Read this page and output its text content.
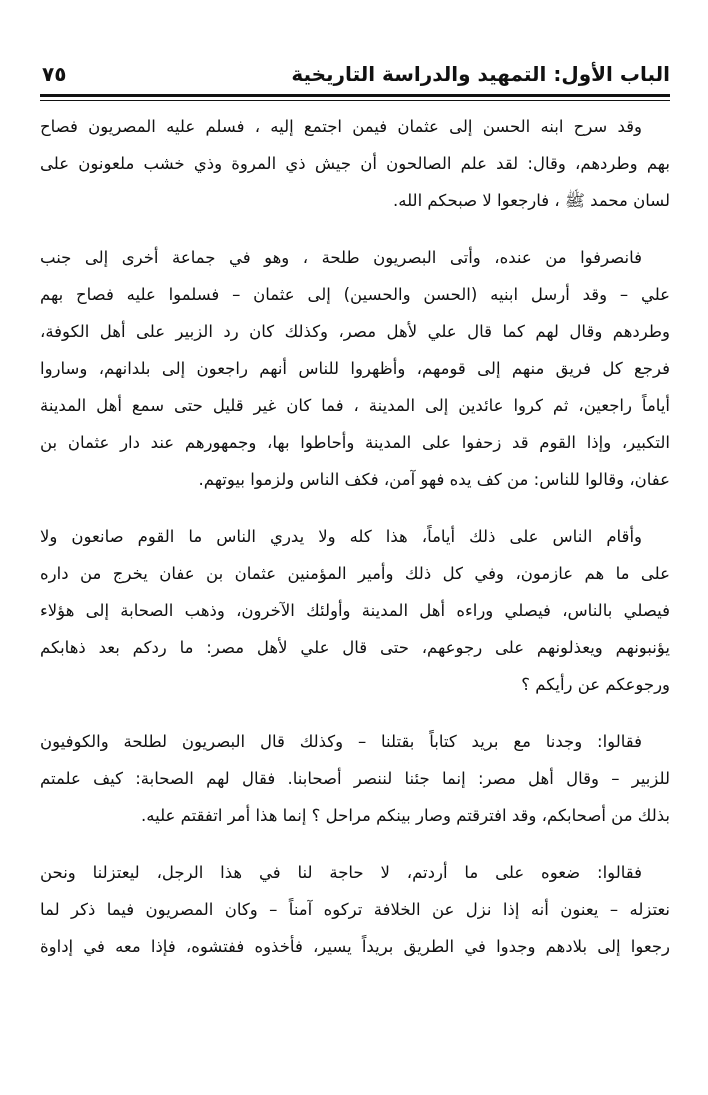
الباب الأول: التمهيد والدراسة التاريخية
٧٥
وقد سرح ابنه الحسن إلى عثمان فيمن اجتمع إليه ، فسلم عليه المصريون فصاح
بهم وطردهم، وقال: لقد علم الصالحون أن جيش ذي المروة وذي خشب ملعونون على
لسان محمد ﷺ ، فارجعوا لا صبحكم الله.
فانصرفوا من عنده، وأتى البصريون طلحة ، وهو في جماعة أخرى إلى جنب
علي – وقد أرسل ابنيه (الحسن والحسين) إلى عثمان – فسلموا عليه فصاح بهم
وطردهم وقال لهم كما قال علي لأهل مصر، وكذلك كان رد الزبير على أهل الكوفة،
فرجع كل فريق منهم إلى قومهم، وأظهروا للناس أنهم راجعون إلى بلدانهم، وساروا
أياماً راجعين، ثم كروا عائدين إلى المدينة ، فما كان غير قليل حتى سمع أهل المدينة
التكبير، وإذا القوم قد زحفوا على المدينة وأحاطوا بها، وجمهورهم عند دار عثمان بن
عفان، وقالوا للناس: من كف يده فهو آمن، فكف الناس ولزموا بيوتهم.
وأقام الناس على ذلك أياماً، هذا كله ولا يدري الناس ما القوم صانعون ولا
على ما هم عازمون، وفي كل ذلك وأمير المؤمنين عثمان بن عفان يخرج من داره
فيصلي بالناس، فيصلي وراءه أهل المدينة وأولئك الآخرون، وذهب الصحابة إلى هؤلاء
يؤنبونهم ويعذلونهم على رجوعهم، حتى قال علي لأهل مصر: ما ردكم بعد ذهابكم
ورجوعكم عن رأيكم ؟
فقالوا: وجدنا مع بريد كتاباً بقتلنا – وكذلك قال البصريون لطلحة والكوفيون
للزبير – وقال أهل مصر: إنما جئنا لننصر أصحابنا. فقال لهم الصحابة: كيف علمتم
بذلك من أصحابكم، وقد افترقتم وصار بينكم مراحل ؟ إنما هذا أمر اتفقتم عليه.
فقالوا: ضعوه على ما أردتم، لا حاجة لنا في هذا الرجل، ليعتزلنا ونحن
نعتزله – يعنون أنه إذا نزل عن الخلافة تركوه آمناً – وكان المصريون فيما ذكر لما
رجعوا إلى بلادهم وجدوا في الطريق بريداً يسير، فأخذوه ففتشوه، فإذا معه في إداوة
